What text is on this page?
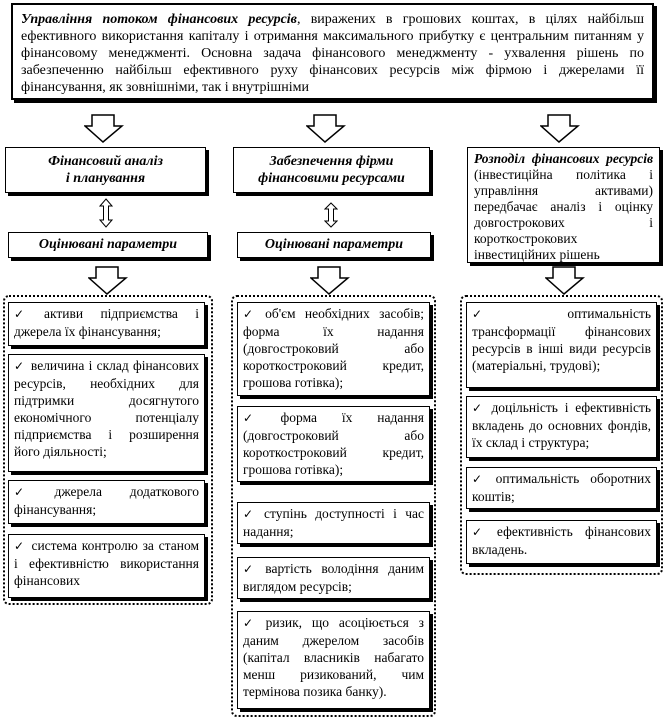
Управління потоком фінансових ресурсів, виражених в грошових коштах, в цілях найбільш ефективного використання капіталу і отримання максимального прибутку є центральним питанням у фінансовому менеджменті. Основна задача фінансового менеджменту - ухвалення рішень по забезпеченню найбільш ефективного руху фінансових ресурсів між фірмою і джерелами її фінансування, як зовнішніми, так і внутрішніми
Фінансовий аналіз
і планування
Забезпечення фірми
фінансовими ресурсами
Розподіл фінансових ресурсів (інвестиційна політика і управління активами) передбачає аналіз і оцінку довгострокових і короткострокових інвестиційних рішень
Оцінювані параметри	Оцінювані параметри
✓ активи підприємства і джерела їх фінансування;
✓ величина і склад фінансових ресурсів, необхідних для підтримки досягнутого економічного потенціалу підприємства і розширення його діяльності;
✓ джерела додаткового фінансування;
✓ система контролю за станом і ефективністю використання фінансових
✓ об'єм необхідних засобів; форма їх надання (довгостроковий або короткостроковий кредит, грошова готівка);
✓ форма їх надання (довгостроковий або короткостроковий кредит, грошова готівка);
✓ ступінь доступності і час надання;
✓ вартість володіння даним виглядом ресурсів;
✓ ризик, що асоціюється з даним джерелом засобів (капітал власників набагато менш ризикований, чим термінова позика банку).
✓ оптимальність трансформації фінансових ресурсів в інші види ресурсів (матеріальні, трудові);
✓ доцільність і ефективність вкладень до основних фондів, їх склад і структура;
✓ оптимальність оборотних коштів;
✓ ефективність фінансових вкладень.
